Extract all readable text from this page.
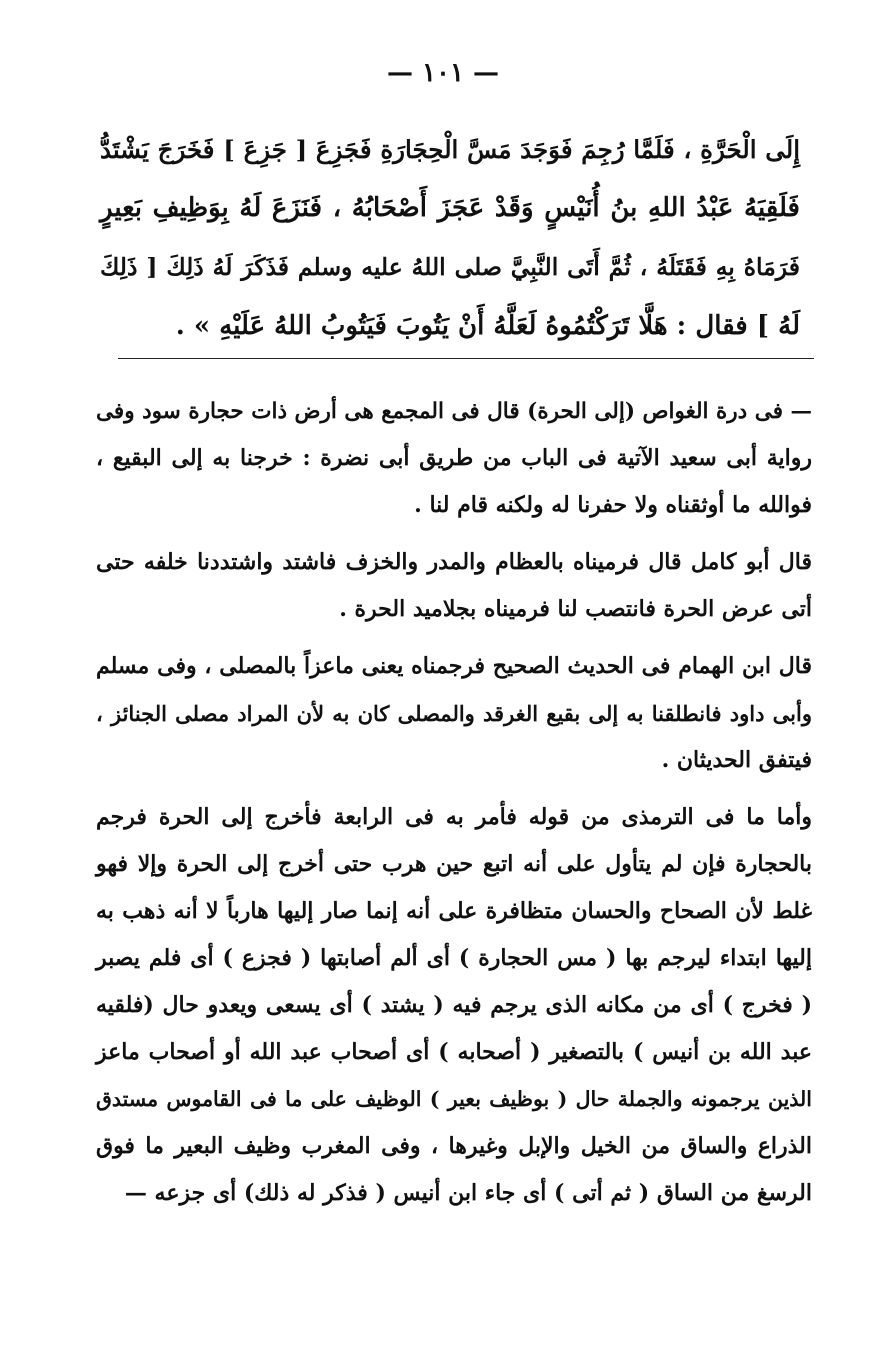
— ١٠١ —
إِلَى الْحَرَّةِ ، فَلَمَّا رُجِمَ فَوَجَدَ مَسَّ الْحِجَارَةِ فَجَزِعَ [ جَزِعَ ] فَخَرَجَ يَشْتَدُّ
فَلَقِيَهُ عَبْدُ اللهِ بنُ أُنَيْسٍ وَقَدْ عَجَزَ أَصْحَابُهُ ، فَنَزَعَ لَهُ بِوَظِيفِ بَعِيرٍ
فَرَمَاهُ بِهِ فَقَتَلَهُ ، ثُمَّ أَتَى النَّبِيَّ صلى اللهُ عليه وسلم فَذَكَرَ لَهُ ذَلِكَ [ ذَلِكَ
لَهُ ] فقال : هَلَّا تَرَكْتُمُوهُ لَعَلَّهُ أَنْ يَتُوبَ فَيَتُوبُ اللهُ عَلَيْهِ » .
— فى درة الغواص (إلى الحرة) قال فى المجمع هى أرض ذات حجارة سود وفى
رواية أبى سعيد الآتية فى الباب من طريق أبى نضرة : خرجنا به إلى البقيع ،
فوالله ما أوثقناه ولا حفرنا له ولكنه قام لنا .
قال أبو كامل قال فرميناه بالعظام والمدر والخزف فاشتد واشتددنا خلفه حتى
أتى عرض الحرة فانتصب لنا فرميناه بجلاميد الحرة .
قال ابن الهمام فى الحديث الصحيح فرجمناه يعنى ماعزاً بالمصلى ، وفى مسلم
وأبى داود فانطلقنا به إلى بقيع الغرقد والمصلى كان به لأن المراد مصلى الجنائز ،
فيتفق الحديثان .
وأما ما فى الترمذى من قوله فأمر به فى الرابعة فأخرج إلى الحرة فرجم
بالحجارة فإن لم يتأول على أنه اتبع حين هرب حتى أخرج إلى الحرة وإلا فهو
غلط لأن الصحاح والحسان متظافرة على أنه إنما صار إليها هارباً لا أنه ذهب به
إليها ابتداء ليرجم بها ( مس الحجارة ) أى ألم أصابتها ( فجزع ) أى فلم يصبر
( فخرج ) أى من مكانه الذى يرجم فيه ( يشتد ) أى يسعى ويعدو حال (فلقيه
عبد الله بن أنيس ) بالتصغير ( أصحابه ) أى أصحاب عبد الله أو أصحاب ماعز
الذين يرجمونه والجملة حال ( بوظيف بعير ) الوظيف على ما فى القاموس مستدق
الذراع والساق من الخيل والإبل وغيرها ، وفى المغرب وظيف البعير ما فوق
الرسغ من الساق ( ثم أتى ) أى جاء ابن أنيس ( فذكر له ذلك) أى جزعه —
